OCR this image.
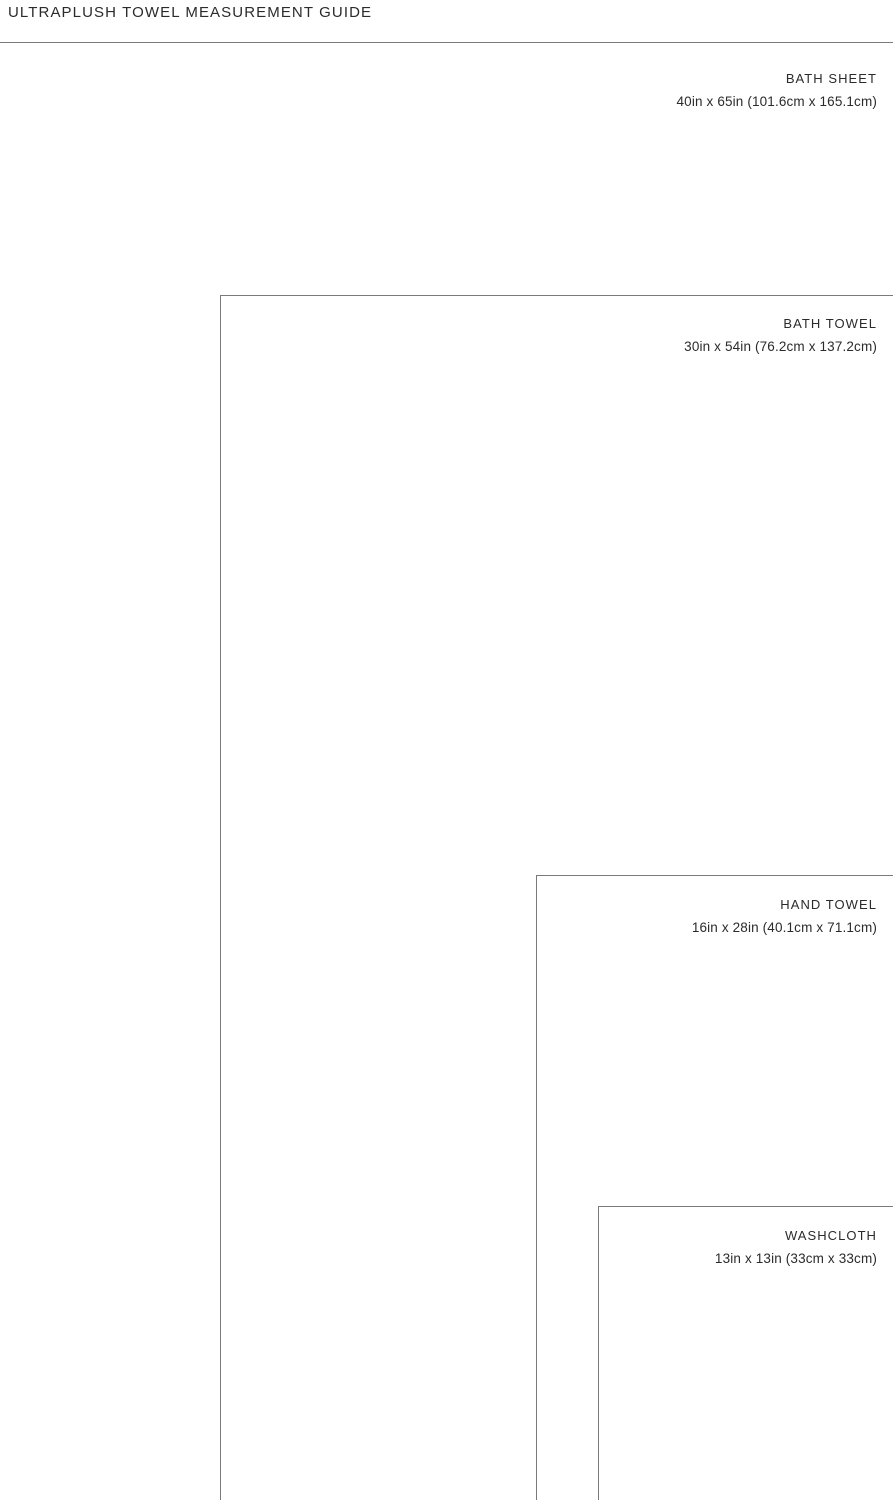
ULTRAPLUSH TOWEL MEASUREMENT GUIDE
BATH SHEET
40in x 65in (101.6cm x 165.1cm)
BATH TOWEL
30in x 54in (76.2cm x 137.2cm)
HAND TOWEL
16in x 28in (40.1cm x 71.1cm)
WASHCLOTH
13in x 13in (33cm x 33cm)
